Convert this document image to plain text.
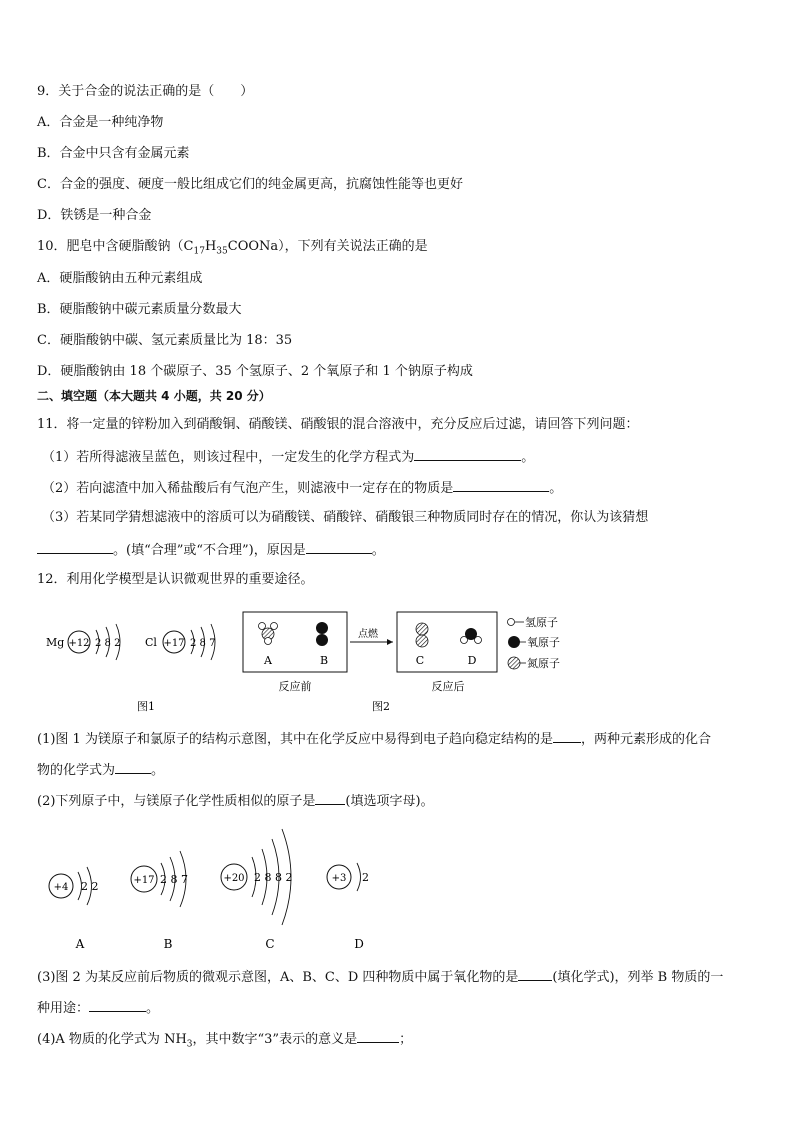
9．关于合金的说法正确的是（　　）
A．合金是一种纯净物
B．合金中只含有金属元素
C．合金的强度、硬度一般比组成它们的纯金属更高，抗腐蚀性能等也更好
D．铁锈是一种合金
10．肥皂中含硬脂酸钠$(C_{17}H_{35}COONa)$，下列有关说法正确的是
A．硬脂酸钠由五种元素组成
B．硬脂酸钠中碳元素质量分数最大
C．硬脂酸钠中碳、氢元素质量比为 18：35
D．硬脂酸钠由 18 个碳原子、35 个氢原子、2 个氧原子和 1 个钠原子构成
二、填空题（本大题共 4 小题，共 20 分）
11．将一定量的锌粉加入到硝酸铜、硝酸镁、硝酸银的混合溶液中，充分反应后过滤，请回答下列问题：
（1）若所得滤液呈蓝色，则该过程中，一定发生的化学方程式为	。
（2）若向滤渣中加入稀盐酸后有气泡产生，则滤液中一定存在的物质是	。
（3）若某同学猜想滤液中的溶质可以为硝酸镁、硝酸锌、硝酸银三种物质同时存在的情况，你认为该猜想
。(填“合理”或“不合理”)，原因是	。
12．利用化学模型是认识微观世界的重要途径。
Mg +12 2 8 2 Cl +17 2 8 7
图1
A	B
反应前
点燃
C	D
反应后
氢原子
氧原子
氮原子
图2
(1)图 1 为镁原子和氯原子的结构示意图，其中在化学反应中易得到电子趋向稳定结构的是 ，两种元素形成的化合
物的化学式为	。
(2)下列原子中，与镁原子化学性质相似的原子是 (填选项字母)。
+4 2 2
A
+17 2 8 7
B
+20 2 8 8 2
C
+3 2
D
(3)图 2 为某反应前后物质的微观示意图，A、B、C、D 四种物质中属于氧化物的是	(填化学式)，列举 B 物质的一
种用途：	。
(4)A 物质的化学式为 $NH_3$，其中数字“3”表示的意义是	；
